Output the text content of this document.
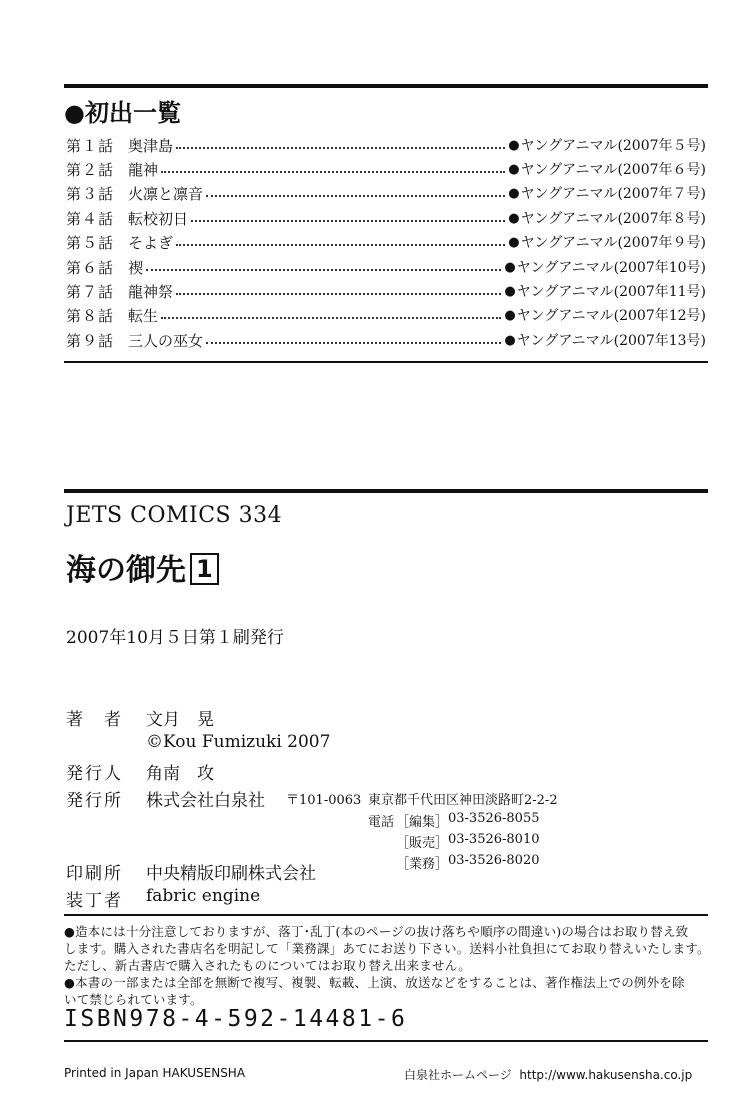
●初出一覧
第１話 奥津島	● ヤングアニマル(2007年５号)
第２話 龍神	● ヤングアニマル(2007年６号)
第３話 火凛と凛音	● ヤングアニマル(2007年７号)
第４話 転校初日	● ヤングアニマル(2007年８号)
第５話 そよぎ	● ヤングアニマル(2007年９号)
第６話 禊	● ヤングアニマル(2007年10号)
第７話 龍神祭	● ヤングアニマル(2007年11号)
第８話 転生	● ヤングアニマル(2007年12号)
第９話 三人の巫女	● ヤングアニマル(2007年13号)
JETS COMICS 334
海の御先 1
2007年10月５日第１刷発行
著　者 文月　晃
©Kou Fumizuki 2007
発行人 角南　攻
発行所 株式会社白泉社 〒101-0063 東京都千代田区神田淡路町2-2-2
電話 ［編集］ 03-3526-8055
［販売］ 03-3526-8010
［業務］ 03-3526-8020
印刷所 中央精版印刷株式会社
装丁者 fabric engine
●造本には十分注意しておりますが、落丁･乱丁(本のページの抜け落ちや順序の間違い)の場合はお取り替え致
します。購入された書店名を明記して「業務課」あてにお送り下さい。送料小社負担にてお取り替えいたします。
ただし、新古書店で購入されたものについてはお取り替え出来ません。
●本書の一部または全部を無断で複写、複製、転載、上演、放送などをすることは、著作権法上での例外を除
いて禁じられています。
ISBN978-4-592-14481-6
Printed in Japan HAKUSENSHA	白泉社ホームページ http://www.hakusensha.co.jp
